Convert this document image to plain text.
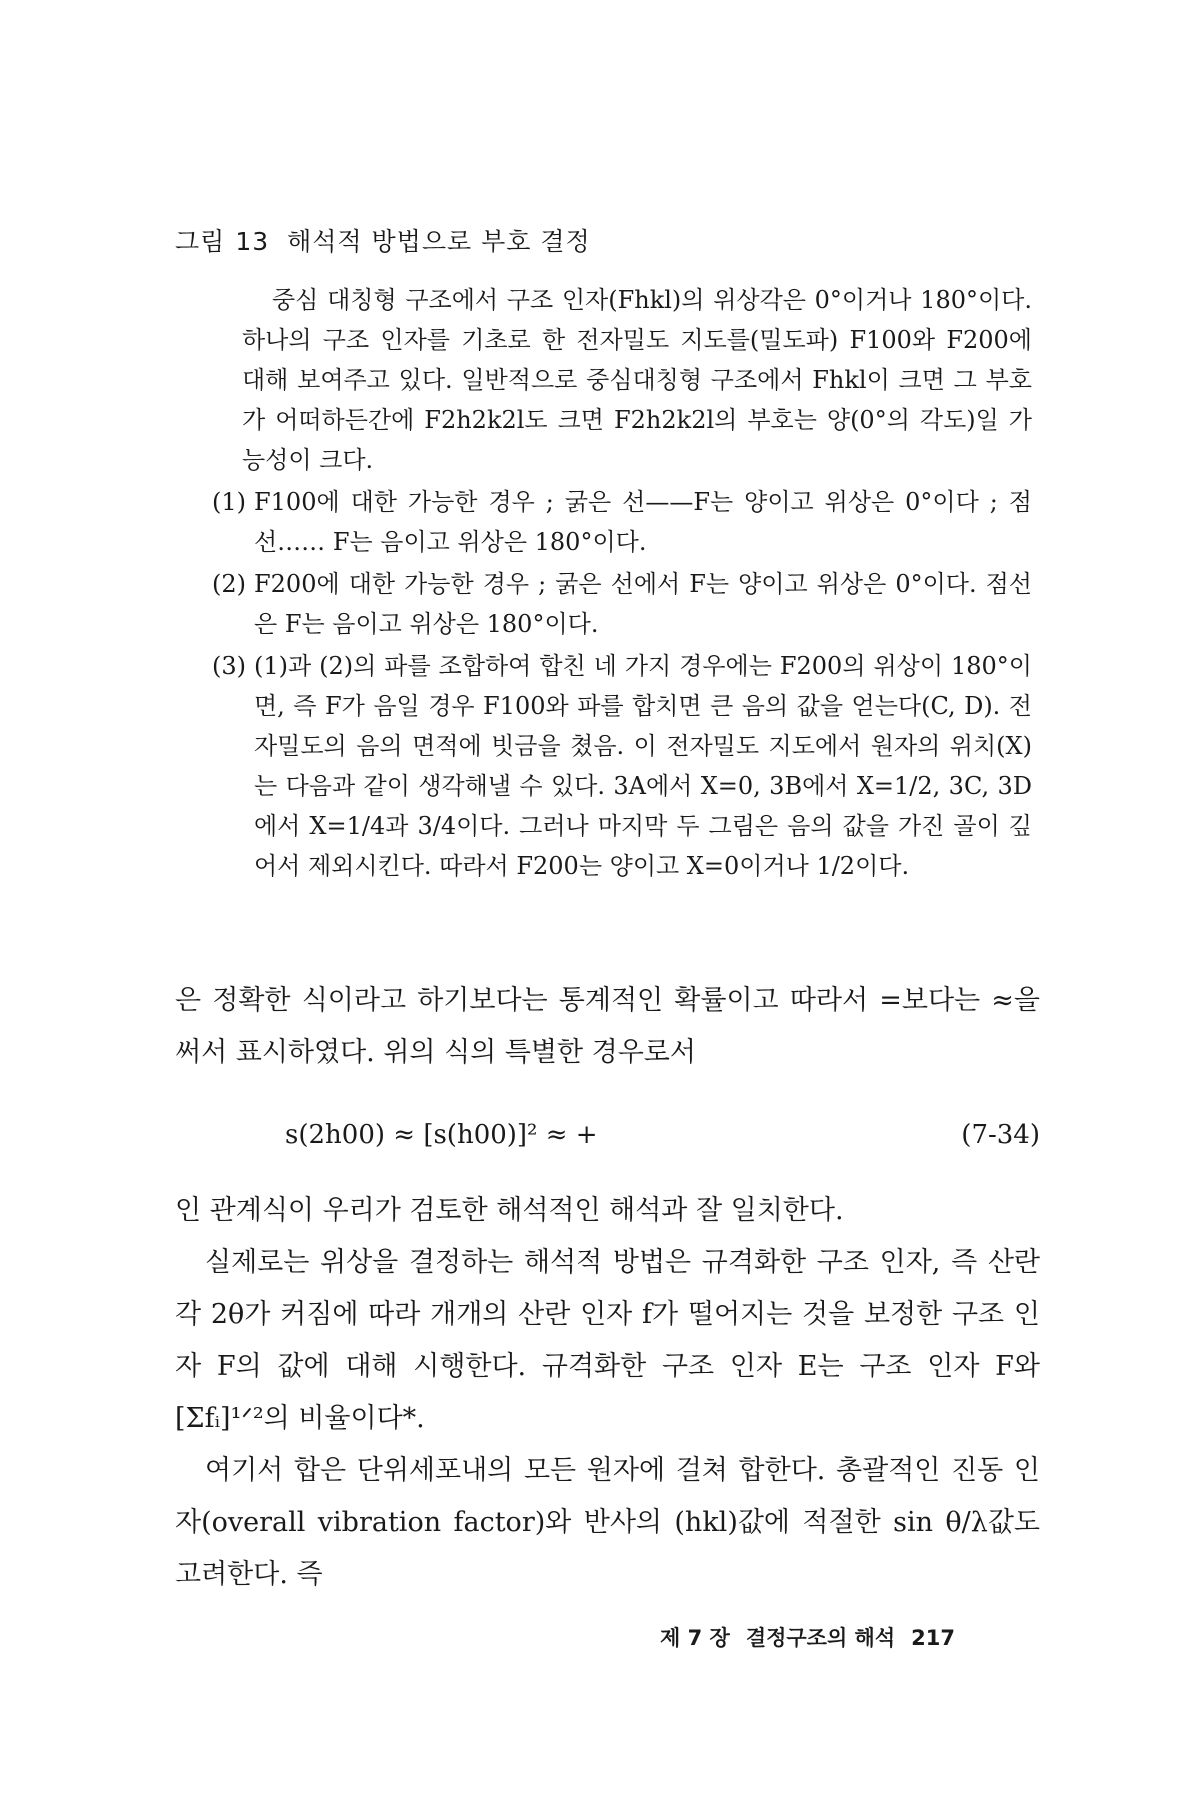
그림 13 해석적 방법으로 부호 결정

중심 대칭형 구조에서 구조 인자(Fhkl)의 위상각은 0°이거나 180°이다. 하나의 구조 인자를 기초로 한 전자밀도 지도를(밀도파) F100와 F200에 대해 보여주고 있다. 일반적으로 중심대칭형 구조에서 Fhkl이 크면 그 부호가 어떠하든간에 F2h2k2l도 크면 F2h2k2l의 부호는 양(0°의 각도)일 가능성이 크다.

(1) F100에 대한 가능한 경우 ; 굵은 선——F는 양이고 위상은 0°이다 ; 점선…… F는 음이고 위상은 180°이다.
(2) F200에 대한 가능한 경우 ; 굵은 선에서 F는 양이고 위상은 0°이다. 점선은 F는 음이고 위상은 180°이다.
(3) (1)과 (2)의 파를 조합하여 합친 네 가지 경우에는 F200의 위상이 180°이면, 즉 F가 음일 경우 F100와 파를 합치면 큰 음의 값을 얻는다(C, D). 전자밀도의 음의 면적에 빗금을 쳤음. 이 전자밀도 지도에서 원자의 위치(X)는 다음과 같이 생각해낼 수 있다. 3A에서 X=0, 3B에서 X=1/2, 3C, 3D에서 X=1/4과 3/4이다. 그러나 마지막 두 그림은 음의 값을 가진 골이 깊어서 제외시킨다. 따라서 F200는 양이고 X=0이거나 1/2이다.

은 정확한 식이라고 하기보다는 통계적인 확률이고 따라서 =보다는 ≈을 써서 표시하였다. 위의 식의 특별한 경우로서

s(2h00) ≈ [s(h00)]² ≈ +	(7-34)

인 관계식이 우리가 검토한 해석적인 해석과 잘 일치한다.

실제로는 위상을 결정하는 해석적 방법은 규격화한 구조 인자, 즉 산란각 2θ가 커짐에 따라 개개의 산란 인자 f가 떨어지는 것을 보정한 구조 인자 F의 값에 대해 시행한다. 규격화한 구조 인자 E는 구조 인자 F와 [Σfᵢ]¹ᐟ²의 비율이다*.

여기서 합은 단위세포내의 모든 원자에 걸쳐 합한다. 총괄적인 진동 인자(overall vibration factor)와 반사의 (hkl)값에 적절한 sin θ/λ값도 고려한다. 즉

제 7 장 결정구조의 해석 217
